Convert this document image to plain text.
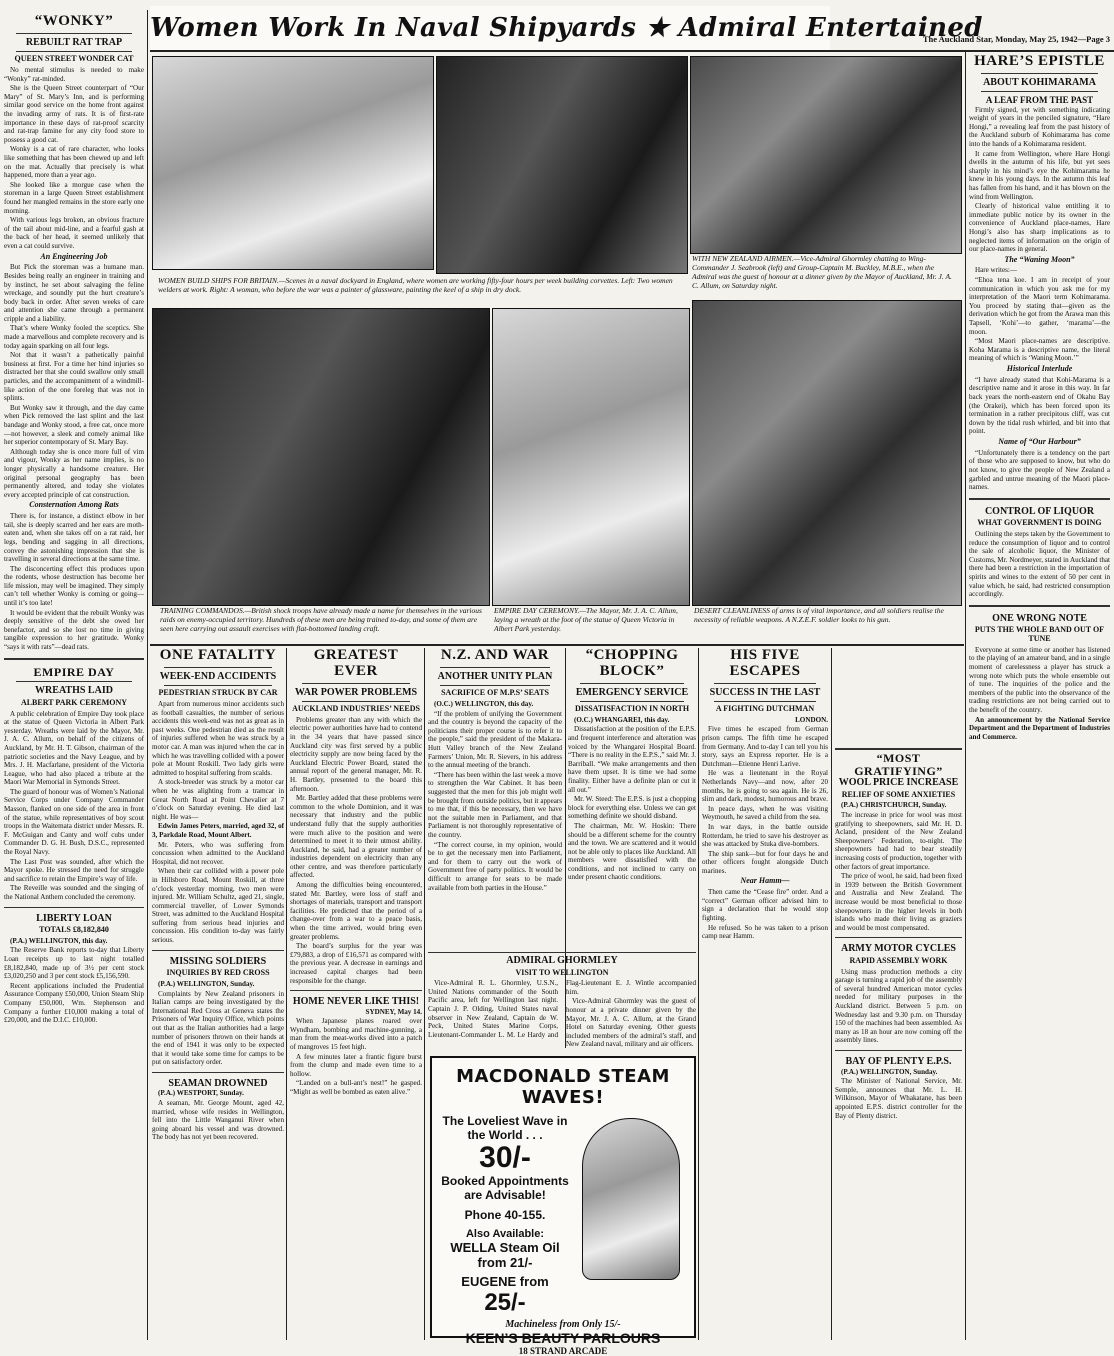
Women Work In Naval Shipyards ★ Admiral Entertained
The Auckland Star, Monday, May 25, 1942—Page 3
“WONKY”
REBUILT RAT TRAP
QUEEN STREET WONDER CAT

No mental stimulus is needed to make “Wonky” rat-minded.

She is the Queen Street counterpart of “Our Mary” of St. Mary’s Inn, and is performing similar good service on the home front against the invading army of rats. It is of first-rate importance in these days of rat-proof scarcity and rat-trap famine for any city food store to possess a good cat.

Wonky is a cat of rare character, who looks like something that has been chewed up and left on the mat. Actually that precisely is what happened, more than a year ago.

She looked like a morgue case when the storeman in a large Queen Street establishment found her mangled remains in the store early one morning.

With various legs broken, an obvious fracture of the tail about mid-line, and a fearful gash at the back of her head, it seemed unlikely that even a cat could survive.

An Engineering Job

But Pick the storeman was a humane man. Besides being really an engineer in training and by instinct, he set about salvaging the feline wreckage, and soundly put the hurt creature’s body back in order. After seven weeks of care and attention she came through a permanent cripple and a liability.

That’s where Wonky fooled the sceptics. She made a marvellous and complete recovery and is today again sparking on all four legs.

Not that it wasn’t a pathetically painful business at first. For a time her hind injuries so distracted her that she could swallow only small particles, and the accompaniment of a windmill-like action of the one foreleg that was not in splints.

But Wonky saw it through, and the day came when Pick removed the last splint and the last bandage and Wonky stood, a free cat, once more—not however, a sleek and comely animal like her superior contemporary of St. Mary Bay.

Although today she is once more full of vim and vigour, Wonky as her name implies, is no longer physically a handsome creature. Her original personal geography has been permanently altered, and today she violates every accepted principle of cat construction.

Consternation Among Rats

There is, for instance, a distinct elbow in her tail, she is deeply scarred and her ears are moth-eaten and, when she takes off on a rat raid, her legs, bending and sagging in all directions, convey the astonishing impression that she is travelling in several directions at the same time.

The disconcerting effect this produces upon the rodents, whose destruction has become her life mission, may well be imagined. They simply can’t tell whether Wonky is coming or going—until it’s too late!

It would be evident that the rebuilt Wonky was deeply sensitive of the debt she owed her benefactor, and so she lost no time in giving tangible expression to her gratitude. Wonky “says it with rats”—dead rats.

EMPIRE DAY
WREATHS LAID
ALBERT PARK CEREMONY

A public celebration of Empire Day took place at the statue of Queen Victoria in Albert Park yesterday. Wreaths were laid by the Mayor, Mr. J. A. C. Allum, on behalf of the citizens of Auckland, by Mr. H. T. Gibson, chairman of the patriotic societies and the Navy League, and by Mrs. J. H. Macfarlane, president of the Victoria League, who had also placed a tribute at the Maori War Memorial in Symonds Street.

The guard of honour was of Women’s National Service Corps under Company Commander Masson, flanked on one side of the area in front of the statue, while representatives of boy scout troops in the Waitemata district under Messrs. R. F. McGuigan and Canty and wolf cubs under Commander D. G. H. Bush, D.S.C., represented the Royal Navy.

The Last Post was sounded, after which the Mayor spoke. He stressed the need for struggle and sacrifice to retain the Empire’s way of life.

The Reveille was sounded and the singing of the National Anthem concluded the ceremony.

LIBERTY LOAN
TOTALS £8,182,840

(P.A.) WELLINGTON, this day.

The Reserve Bank reports to-day that Liberty Loan receipts up to last night totalled £8,182,840, made up of 3½ per cent stock £3,020,250 and 3 per cent stock £5,156,590.

Recent applications included the Prudential Assurance Company £50,000, Union Steam Ship Company £50,000, Wm. Stephenson and Company a further £10,000 making a total of £20,000, and the D.I.C. £10,000.

WITH NEW ZEALAND AIRMEN.—Vice-Admiral Ghormley chatting to Wing-Commander J. Seabrook (left) and Group-Captain M. Buckley, M.B.E., when the Admiral was the guest of honour at a dinner given by the Mayor of Auckland, Mr. J. A. C. Allum, on Saturday night.
WOMEN BUILD SHIPS FOR BRITAIN.—Scenes in a naval dockyard in England, where women are working fifty-four hours per week building corvettes. Left: Two women welders at work. Right: A woman, who before the war was a painter of glassware, painting the keel of a ship in dry dock.
TRAINING COMMANDOS.—British shock troops have already made a name for themselves in the various raids on enemy-occupied territory. Hundreds of these men are being trained to-day, and some of them are seen here carrying out assault exercises with flat-bottomed landing craft.
EMPIRE DAY CEREMONY.—The Mayor, Mr. J. A. C. Allum, laying a wreath at the foot of the statue of Queen Victoria in Albert Park yesterday.
DESERT CLEANLINESS of arms is of vital importance, and all soldiers realise the necessity of reliable weapons. A N.Z.E.F. soldier looks to his gun.
ONE FATALITY
WEEK-END ACCIDENTS
PEDESTRIAN STRUCK BY CAR

Apart from numerous minor accidents such as football casualties, the number of serious accidents this week-end was not as great as in past weeks. One pedestrian died as the result of injuries suffered when he was struck by a motor car. A man was injured when the car in which he was travelling collided with a power pole at Mount Roskill. Two lady girls were admitted to hospital suffering from scalds.

A stock-breeder was struck by a motor car when he was alighting from a tramcar in Great North Road at Point Chevalier at 7 o’clock on Saturday evening. He died last night. He was—

Edwin James Peters, married, aged 32, of 3, Parkdale Road, Mount Albert.

Mr. Peters, who was suffering from concussion when admitted to the Auckland Hospital, did not recover.

When their car collided with a power pole in Hillsboro Road, Mount Roskill, at three o’clock yesterday morning, two men were injured. Mr. William Schultz, aged 21, single, commercial traveller, of Lower Symonds Street, was admitted to the Auckland Hospital suffering from serious head injuries and concussion. His condition to-day was fairly serious.

MISSING SOLDIERS
INQUIRIES BY RED CROSS

(P.A.) WELLINGTON, Sunday.

Complaints by New Zealand prisoners in Italian camps are being investigated by the International Red Cross at Geneva states the Prisoners of War Inquiry Office, which points out that as the Italian authorities had a large number of prisoners thrown on their hands at the end of 1941 it was only to be expected that it would take some time for camps to be put on satisfactory order.

SEAMAN DROWNED

(P.A.) WESTPORT, Sunday.

A seaman, Mr. George Mount, aged 42, married, whose wife resides in Wellington, fell into the Little Wanganui River when going aboard his vessel and was drowned. The body has not yet been recovered.

GREATEST EVER
WAR POWER PROBLEMS
AUCKLAND INDUSTRIES’ NEEDS

Problems greater than any with which the electric power authorities have had to contend in the 34 years that have passed since Auckland city was first served by a public electricity supply are now being faced by the Auckland Electric Power Board, stated the annual report of the general manager, Mr. R. H. Bartley, presented to the board this afternoon.

Mr. Bartley added that these problems were common to the whole Dominion, and it was necessary that industry and the public understand fully that the supply authorities were much alive to the position and were determined to meet it to their utmost ability. Auckland, he said, had a greater number of industries dependent on electricity than any other centre, and was therefore particularly affected.

Among the difficulties being encountered, stated Mr. Bartley, were loss of staff and shortages of materials, transport and transport facilities. He predicted that the period of a change-over from a war to a peace basis, when the time arrived, would bring even greater problems.

The board’s surplus for the year was £79,883, a drop of £16,571 as compared with the previous year. A decrease in earnings and increased capital charges had been responsible for the change.

HOME NEVER LIKE THIS!

SYDNEY, May 14.

When Japanese planes roared over Wyndham, bombing and machine-gunning, a man from the meat-works dived into a patch of mangroves 15 feet high.

A few minutes later a frantic figure burst from the clump and made even time to a hollow.

“Landed on a bull-ant’s nest!” he gasped. “Might as well be bombed as eaten alive.”

N.Z. AND WAR
ANOTHER UNITY PLAN
SACRIFICE OF M.P.S’ SEATS

(O.C.) WELLINGTON, this day.

“If the problem of unifying the Government and the country is beyond the capacity of the politicians their proper course is to refer it to the people,” said the president of the Makara-Hutt Valley branch of the New Zealand Farmers’ Union, Mr. R. Sievers, in his address to the annual meeting of the branch.

“There has been within the last week a move to strengthen the War Cabinet. It has been suggested that the men for this job might well be brought from outside politics, but it appears to me that, if this be necessary, then we have not the suitable men in Parliament, and that Parliament is not thoroughly representative of the country.

“The correct course, in my opinion, would be to get the necessary men into Parliament, and for them to carry out the work of Government free of party politics. It would be difficult to arrange for seats to be made available from both parties in the House.”

“CHOPPING BLOCK”
EMERGENCY SERVICE
DISSATISFACTION IN NORTH

(O.C.) WHANGAREI, this day.

Dissatisfaction at the position of the E.P.S. and frequent interference and alteration was voiced by the Whangarei Hospital Board. “There is no reality in the E.P.S.,” said Mr. J. Barriball. “We make arrangements and then have them upset. It is time we had some finality. Either have a definite plan or cut it all out.”

Mr. W. Steed: The E.P.S. is just a chopping block for everything else. Unless we can get something definite we should disband.

The chairman, Mr. W. Hoskin: There should be a different scheme for the country and the town. We are scattered and it would not be able only to places like Auckland. All members were dissatisfied with the conditions, and not inclined to carry on under present chaotic conditions.

ADMIRAL GHORMLEY
VISIT TO WELLINGTON

Vice-Admiral R. L. Ghormley, U.S.N., United Nations commander of the South Pacific area, left for Wellington last night. Captain J. P. Olding, United States naval observer in New Zealand, Captain de W. Peck, United States Marine Corps, Lieutenant-Commander L. M. Le Hardy and Flag-Lieutenant E. J. Wintle accompanied him.

Vice-Admiral Ghormley was the guest of honour at a private dinner given by the Mayor, Mr. J. A. C. Allum, at the Grand Hotel on Saturday evening. Other guests included members of the admiral’s staff, and New Zealand naval, military and air officers.

MACDONALD STEAM WAVES!
The Loveliest Wave in the World . . .
30/-
Booked Appointments are Advisable!
Phone 40-155.
Also Available:
WELLA Steam Oil from 21/-
EUGENE from
25/-
Machineless from Only 15/-
KEEN’S BEAUTY PARLOURS
18 STRAND ARCADE
HIS FIVE ESCAPES
SUCCESS IN THE LAST
A FIGHTING DUTCHMAN

LONDON.

Five times he escaped from German prison camps. The fifth time he escaped from Germany. And to-day I can tell you his story, says an Express reporter. He is a Dutchman—Etienne Henri Larive.

He was a lieutenant in the Royal Netherlands Navy—and now, after 20 months, he is going to sea again. He is 26, slim and dark, modest, humorous and brave.

In peace days, when he was visiting Weymouth, he saved a child from the sea.

In war days, in the battle outside Rotterdam, he tried to save his destroyer as she was attacked by Stuka dive-bombers.

The ship sank—but for four days he and other officers fought alongside Dutch marines.

Near Hamm—

Then came the “Cease fire” order. And a “correct” German officer advised him to sign a declaration that he would stop fighting.

He refused. So he was taken to a prison camp near Hamm.

“MOST GRATIFYING”
WOOL PRICE INCREASE
RELIEF OF SOME ANXIETIES

(P.A.) CHRISTCHURCH, Sunday.

The increase in price for wool was most gratifying to sheepowners, said Mr. H. D. Acland, president of the New Zealand Sheepowners’ Federation, to-night. The sheepowners had had to bear steadily increasing costs of production, together with other factors of great importance.

The price of wool, he said, had been fixed in 1939 between the British Government and Australia and New Zealand. The increase would be most beneficial to those sheepowners in the higher levels in both islands who made their living as graziers and would be most compensated.

ARMY MOTOR CYCLES
RAPID ASSEMBLY WORK

Using mass production methods a city garage is turning a rapid job of the assembly of several hundred American motor cycles needed for military purposes in the Auckland district. Between 5 p.m. on Wednesday last and 9.30 p.m. on Thursday 150 of the machines had been assembled. As many as 18 an hour are now coming off the assembly lines.

BAY OF PLENTY E.P.S.

(P.A.) WELLINGTON, Sunday.

The Minister of National Service, Mr. Semple, announces that Mr. L. H. Wilkinson, Mayor of Whakatane, has been appointed E.P.S. district controller for the Bay of Plenty district.

HARE’S EPISTLE
ABOUT KOHIMARAMA
A LEAF FROM THE PAST

Firmly signed, yet with something indicating weight of years in the penciled signature, “Hare Hongi,” a revealing leaf from the past history of the Auckland suburb of Kohimarama has come into the hands of a Kohimarama resident.

It came from Wellington, where Hare Hongi dwells in the autumn of his life, but yet sees sharply in his mind’s eye the Kohimarama he knew in his young days. In the autumn this leaf has fallen from his hand, and it has blown on the wind from Wellington.

Clearly of historical value entitling it to immediate public notice by its owner in the convenience of Auckland place-names, Hare Hongi’s also has sharp implications as to neglected items of information on the origin of our place-names in general.

The “Waning Moon”

Hare writes:—

“Ehoa tena koe. I am in receipt of your communication in which you ask me for my interpretation of the Maori term Kohimarama. You proceed by stating that—given as the derivation which he got from the Arawa man this Tapsell, ‘Kohi’—to gather, ‘marama’—the moon.

“Most Maori place-names are descriptive. Koha Marama is a descriptive name, the literal meaning of which is ‘Waning Moon.’”

Historical Interlude

“I have already stated that Kohi-Marama is a descriptive name and it arose in this way. In far back years the north-eastern end of Okahu Bay (the Orakei), which has been forced upon its termination in a rather precipitous cliff, was cut down by the tidal rush whirled, and bit into that point.

Name of “Our Harbour”

“Unfortunately there is a tendency on the part of those who are supposed to know, but who do not know, to give the people of New Zealand a garbled and untrue meaning of the Maori place-names.

CONTROL OF LIQUOR
WHAT GOVERNMENT IS DOING

Outlining the steps taken by the Government to reduce the consumption of liquor and to control the sale of alcoholic liquor, the Minister of Customs, Mr. Nordmeyer, stated in Auckland that there had been a restriction in the importation of spirits and wines to the extent of 50 per cent in value which, he said, had restricted consumption accordingly.

ONE WRONG NOTE
PUTS THE WHOLE BAND OUT OF TUNE

Everyone at some time or another has listened to the playing of an amateur band, and in a single moment of carelessness a player has struck a wrong note which puts the whole ensemble out of tune. The inquiries of the police and the members of the public into the observance of the trading restrictions are not being carried out to the benefit of the country.

An announcement by the National Service Department and the Department of Industries and Commerce.
